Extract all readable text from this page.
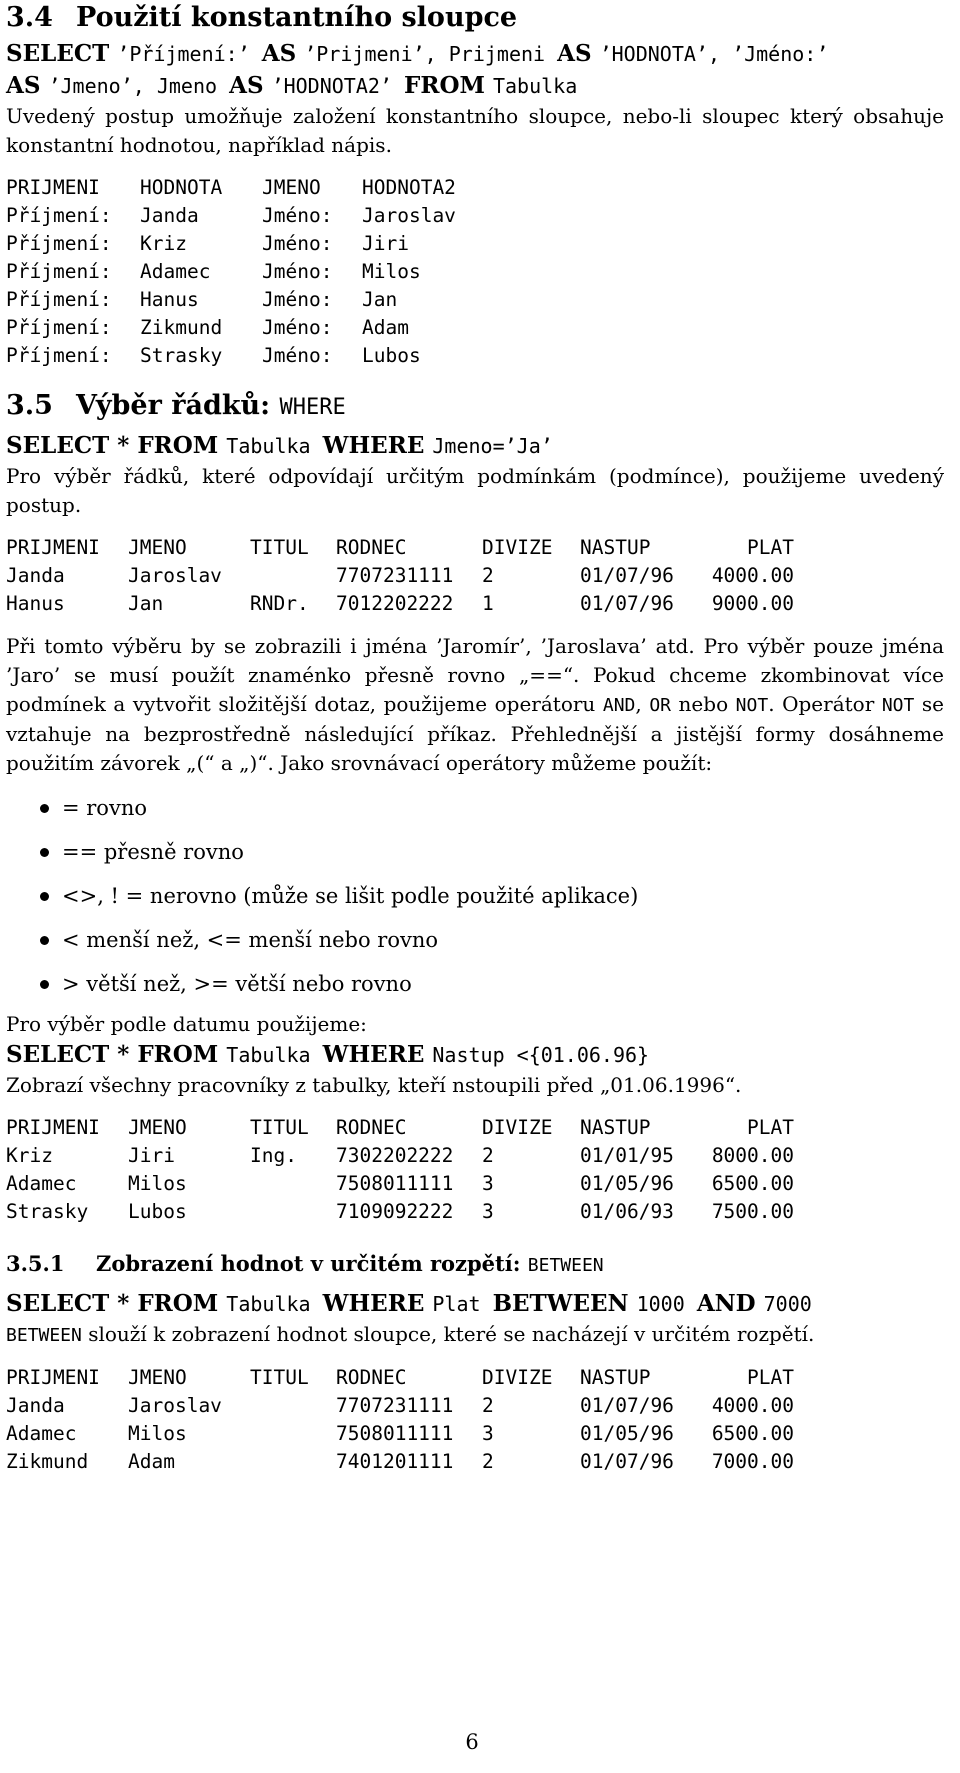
3.4 Použití konstantního sloupce

SELECT ’Příjmení:’ AS ’Prijmeni’, Prijmeni AS ’HODNOTA’, ’Jméno:’

AS ’Jmeno’, Jmeno AS ’HODNOTA2’ FROM Tabulka

Uvedený postup umožňuje založení konstantního sloupce, nebo-li sloupec který obsahuje konstantní hodnotou, například nápis.

PRIJMENI	HODNOTA	JMENO	HODNOTA2
Příjmení:	Janda	Jméno:	Jaroslav
Příjmení:	Kriz	Jméno:	Jiri
Příjmení:	Adamec	Jméno:	Milos
Příjmení:	Hanus	Jméno:	Jan
Příjmení:	Zikmund	Jméno:	Adam
Příjmení:	Strasky	Jméno:	Lubos
3.5 Výběr řádků: WHERE

SELECT * FROM Tabulka WHERE Jmeno=’Ja’

Pro výběr řádků, které odpovídají určitým podmínkám (podmínce), použijeme uvedený postup.

PRIJMENI	JMENO	TITUL	RODNEC	DIVIZE	NASTUP	PLAT
Janda	Jaroslav		7707231111	2	01/07/96	4000.00
Hanus	Jan	RNDr.	7012202222	1	01/07/96	9000.00

Při tomto výběru by se zobrazili i jména ’Jaromír’, ’Jaroslava’ atd. Pro výběr pouze jména ’Jaro’ se musí použít znaménko přesně rovno „==“. Pokud chceme zkombinovat více podmínek a vytvořit složitější dotaz, použijeme operátoru AND, OR nebo NOT. Operátor NOT se vztahuje na bezprostředně následující příkaz. Přehlednější a jistější formy dosáhneme použitím závorek „(“ a „)“. Jako srovnávací operátory můžeme použít:

= rovno
== přesně rovno
<>, ! = nerovno (může se lišit podle použité aplikace)
< menší než, <= menší nebo rovno
> větší než, >= větší nebo rovno

Pro výběr podle datumu použijeme:

SELECT * FROM Tabulka WHERE Nastup <{01.06.96}

Zobrazí všechny pracovníky z tabulky, kteří nstoupili před „01.06.1996“.

PRIJMENI	JMENO	TITUL	RODNEC	DIVIZE	NASTUP	PLAT
Kriz	Jiri	Ing.	7302202222	2	01/01/95	8000.00
Adamec	Milos		7508011111	3	01/05/96	6500.00
Strasky	Lubos		7109092222	3	01/06/93	7500.00
3.5.1 Zobrazení hodnot v určitém rozpětí: BETWEEN

SELECT * FROM Tabulka WHERE Plat BETWEEN 1000 AND 7000

BETWEEN slouží k zobrazení hodnot sloupce, které se nacházejí v určitém rozpětí.

PRIJMENI	JMENO	TITUL	RODNEC	DIVIZE	NASTUP	PLAT
Janda	Jaroslav		7707231111	2	01/07/96	4000.00
Adamec	Milos		7508011111	3	01/05/96	6500.00
Zikmund	Adam		7401201111	2	01/07/96	7000.00
6
